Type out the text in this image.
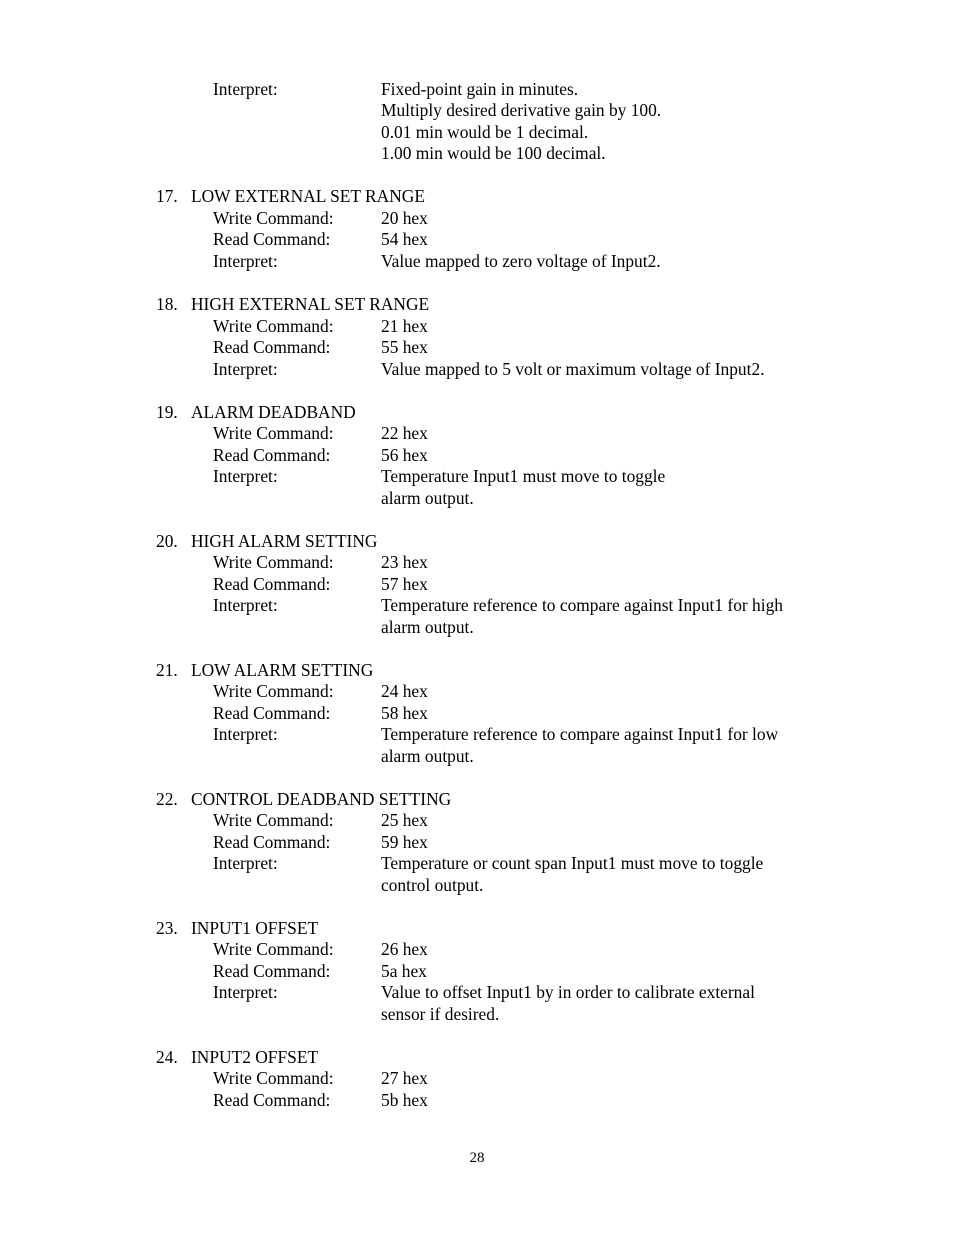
Interpret:	Fixed-point gain in minutes.
Multiply desired derivative gain by 100.
0.01 min would be 1 decimal.
1.00 min would be 100 decimal.
17. LOW EXTERNAL SET RANGE
Write Command:	20 hex
Read Command:	54 hex
Interpret:	Value mapped to zero voltage of Input2.
18. HIGH EXTERNAL SET RANGE
Write Command:	21 hex
Read Command:	55 hex
Interpret:	Value mapped to 5 volt or maximum voltage of Input2.
19. ALARM DEADBAND
Write Command:	22 hex
Read Command:	56 hex
Interpret:	Temperature Input1 must move to toggle
alarm output.
20. HIGH ALARM SETTING
Write Command:	23 hex
Read Command:	57 hex
Interpret:	Temperature reference to compare against Input1 for high
alarm output.
21. LOW ALARM SETTING
Write Command:	24 hex
Read Command:	58 hex
Interpret:	Temperature reference to compare against Input1 for low
alarm output.
22. CONTROL DEADBAND SETTING
Write Command:	25 hex
Read Command:	59 hex
Interpret:	Temperature or count span Input1 must move to toggle
control output.
23. INPUT1 OFFSET
Write Command:	26 hex
Read Command:	5a hex
Interpret:	Value to offset Input1 by in order to calibrate external
sensor if desired.
24. INPUT2 OFFSET
Write Command:	27 hex
Read Command:	5b hex
28
